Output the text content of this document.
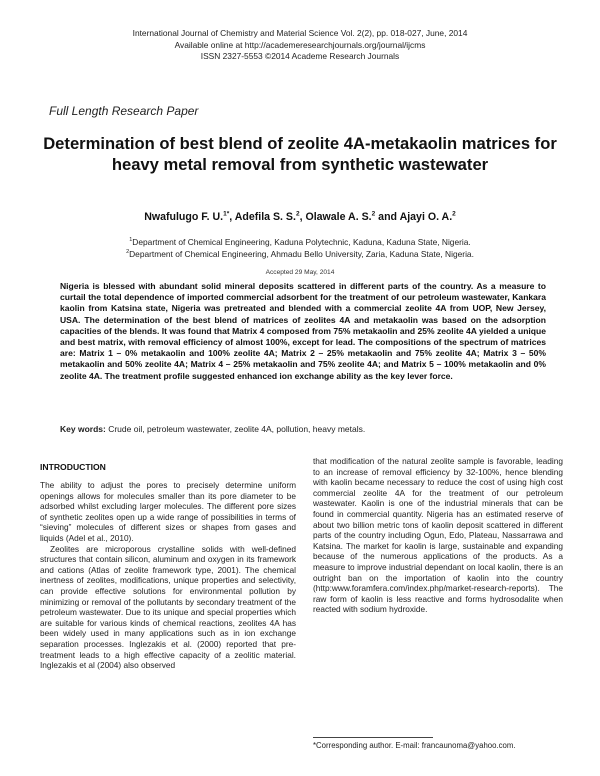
International Journal of Chemistry and Material Science Vol. 2(2), pp. 018-027, June, 2014
Available online at http://academeresearchjournals.org/journal/ijcms
ISSN 2327-5553 ©2014 Academe Research Journals
Full Length Research Paper
Determination of best blend of zeolite 4A-metakaolin matrices for heavy metal removal from synthetic wastewater
Nwafulugo F. U.$^{1*}$, Adefila S. S.$^2$, Olawale A. S.$^2$ and Ajayi O. A.$^2$
$^1$Department of Chemical Engineering, Kaduna Polytechnic, Kaduna, Kaduna State, Nigeria.
$^2$Department of Chemical Engineering, Ahmadu Bello University, Zaria, Kaduna State, Nigeria.
Accepted 29 May, 2014
Nigeria is blessed with abundant solid mineral deposits scattered in different parts of the country. As a measure to curtail the total dependence of imported commercial adsorbent for the treatment of our petroleum wastewater, Kankara kaolin from Katsina state, Nigeria was pretreated and blended with a commercial zeolite 4A from UOP, New Jersey, USA. The determination of the best blend of matrices of zeolites 4A and metakaolin was based on the adsorption capacities of the blends. It was found that Matrix 4 composed from 75% metakaolin and 25% zeolite 4A yielded a unique and best matrix, with removal efficiency of almost 100%, except for lead. The compositions of the spectrum of matrices are: Matrix 1 – 0% metakaolin and 100% zeolite 4A; Matrix 2 – 25% metakaolin and 75% zeolite 4A; Matrix 3 – 50% metakaolin and 50% zeolite 4A; Matrix 4 – 25% metakaolin and 75% zeolite 4A; and Matrix 5 – 100% metakaolin and 0% zeolite 4A. The treatment profile suggested enhanced ion exchange ability as the key lever force.
Key words: Crude oil, petroleum wastewater, zeolite 4A, pollution, heavy metals.
INTRODUCTION

The ability to adjust the pores to precisely determine uniform openings allows for molecules smaller than its pore diameter to be adsorbed whilst excluding larger molecules. The different pore sizes of synthetic zeolites open up a wide range of possibilities in terms of “sieving” molecules of different sizes or shapes from gases and liquids (Adel et al., 2010).

Zeolites are microporous crystalline solids with well-defined structures that contain silicon, aluminum and oxygen in its framework and cations (Atlas of zeolite framework type, 2001). The chemical inertness of zeolites, modifications, unique properties and selectivity, can provide effective solutions for environmental pollution by minimizing or removal of the pollutants by secondary treatment of the petroleum wastewater. Due to its unique and special properties which are suitable for various kinds of chemical reactions, zeolites 4A has been widely used in many applications such as in ion exchange separation processes. Inglezakis et al. (2000) reported that pre-treatment leads to a high effective capacity of a zeolitic material. Inglezakis et al (2004) also observed

that modification of the natural zeolite sample is favorable, leading to an increase of removal efficiency by 32-100%, hence blending with kaolin became necessary to reduce the cost of using high cost commercial zeolite 4A for the treatment of our petroleum wastewater. Kaolin is one of the industrial minerals that can be found in commercial quantity. Nigeria has an estimated reserve of about two billion metric tons of kaolin deposit scattered in different parts of the country including Ogun, Edo, Plateau, Nassarrawa and Katsina. The market for kaolin is large, sustainable and expanding because of the numerous applications of the products. As a measure to improve industrial dependant on local kaolin, there is an outright ban on the importation of kaolin into the country (http:www.foramfera.com/index.php/market-research-reports). The raw form of kaolin is less reactive and forms hydrosodalite when reacted with sodium hydroxide.

*Corresponding author. E-mail: francaunoma@yahoo.com.
